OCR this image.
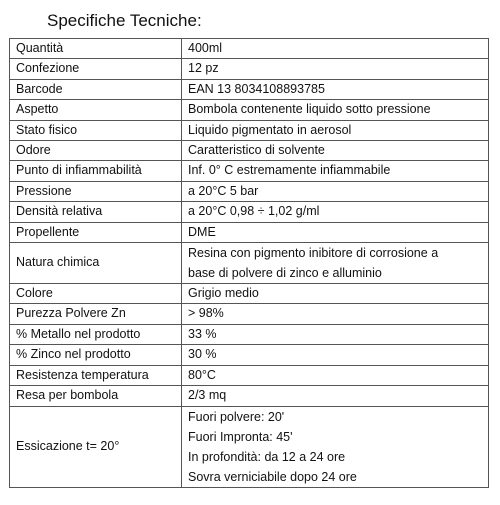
Specifiche Tecniche:
Quantità	400ml
Confezione	12 pz
Barcode	EAN 13 8034108893785
Aspetto	Bombola contenente liquido sotto pressione
Stato fisico	Liquido pigmentato in aerosol
Odore	Caratteristico di solvente
Punto di infiammabilità	Inf. 0° C estremamente infiammabile
Pressione	a 20°C 5 bar
Densità relativa	a 20°C 0,98 ÷ 1,02 g/ml
Propellente	DME
Natura chimica	Resina con pigmento inibitore di corrosione a
base di polvere di zinco e alluminio

Colore	Grigio medio
Purezza Polvere Zn	> 98%
% Metallo nel prodotto	33 %
% Zinco nel prodotto	30 %
Resistenza temperatura	80°C
Resa per bombola	2/3 mq
Essicazione t= 20°	Fuori polvere: 20'
Fuori Impronta: 45'
In profondità: da 12 a 24 ore
Sovra verniciabile dopo 24 ore
